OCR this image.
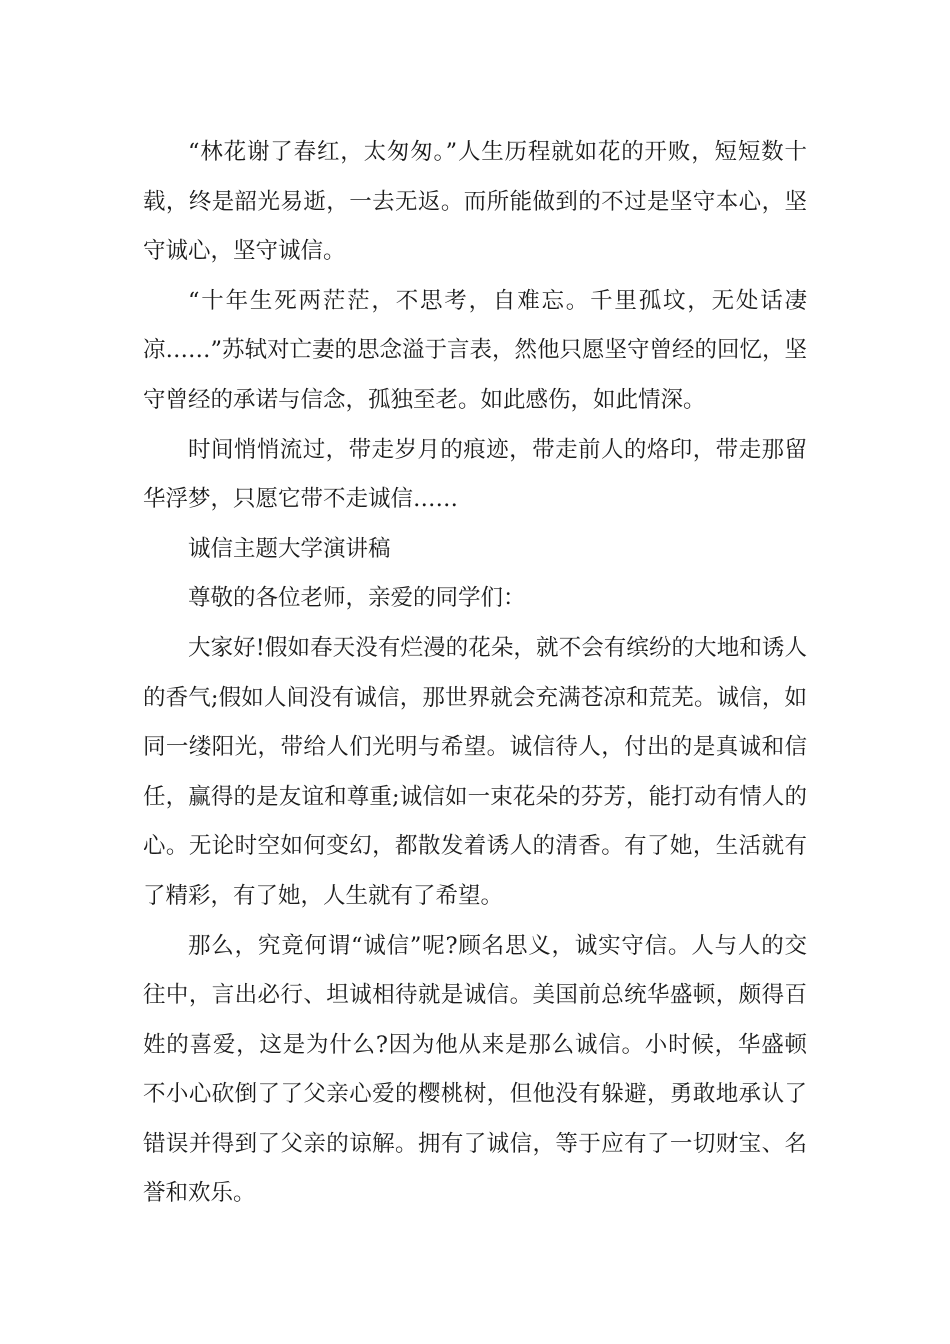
“林花谢了春红，太匆匆。”人生历程就如花的开败，短短数十载，终是韶光易逝，一去无返。而所能做到的不过是坚守本心，坚守诚心，坚守诚信。

“十年生死两茫茫，不思考，自难忘。千里孤坟，无处话凄凉……”苏轼对亡妻的思念溢于言表，然他只愿坚守曾经的回忆，坚守曾经的承诺与信念，孤独至老。如此感伤，如此情深。

时间悄悄流过，带走岁月的痕迹，带走前人的烙印，带走那留华浮梦，只愿它带不走诚信……

诚信主题大学演讲稿

尊敬的各位老师，亲爱的同学们：

大家好!假如春天没有烂漫的花朵，就不会有缤纷的大地和诱人的香气;假如人间没有诚信，那世界就会充满苍凉和荒芜。诚信，如同一缕阳光，带给人们光明与希望。诚信待人，付出的是真诚和信任，赢得的是友谊和尊重;诚信如一束花朵的芬芳，能打动有情人的心。无论时空如何变幻，都散发着诱人的清香。有了她，生活就有了精彩，有了她，人生就有了希望。

那么，究竟何谓“诚信”呢?顾名思义，诚实守信。人与人的交往中，言出必行、坦诚相待就是诚信。美国前总统华盛顿，颇得百姓的喜爱，这是为什么?因为他从来是那么诚信。小时候，华盛顿不小心砍倒了了父亲心爱的樱桃树，但他没有躲避，勇敢地承认了错误并得到了父亲的谅解。拥有了诚信，等于应有了一切财宝、名誉和欢乐。
